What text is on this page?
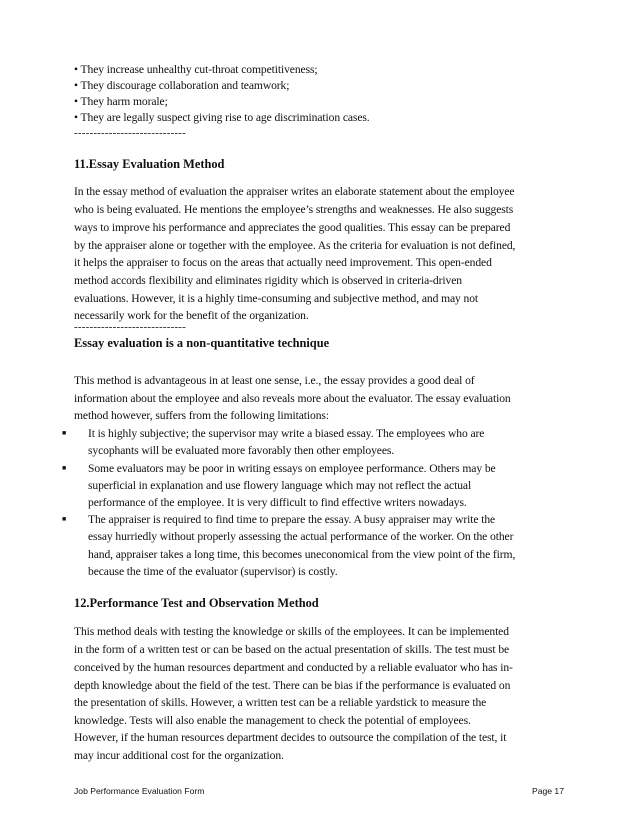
• They increase unhealthy cut-throat competitiveness;
• They discourage collaboration and teamwork;
• They harm morale;
• They are legally suspect giving rise to age discrimination cases.
-----------------------------
11.Essay Evaluation Method
In the essay method of evaluation the appraiser writes an elaborate statement about the employee
who is being evaluated. He mentions the employee’s strengths and weaknesses. He also suggests
ways to improve his performance and appreciates the good qualities. This essay can be prepared
by the appraiser alone or together with the employee. As the criteria for evaluation is not defined,
it helps the appraiser to focus on the areas that actually need improvement. This open-ended
method accords flexibility and eliminates rigidity which is observed in criteria-driven
evaluations. However, it is a highly time-consuming and subjective method, and may not
necessarily work for the benefit of the organization.
-----------------------------
Essay evaluation is a non-quantitative technique
This method is advantageous in at least one sense, i.e., the essay provides a good deal of
information about the employee and also reveals more about the evaluator. The essay evaluation
method however, suffers from the following limitations:
■ It is highly subjective; the supervisor may write a biased essay. The employees who are
sycophants will be evaluated more favorably then other employees.
■ Some evaluators may be poor in writing essays on employee performance. Others may be
superficial in explanation and use flowery language which may not reflect the actual
performance of the employee. It is very difficult to find effective writers nowadays.
■ The appraiser is required to find time to prepare the essay. A busy appraiser may write the
essay hurriedly without properly assessing the actual performance of the worker. On the other
hand, appraiser takes a long time, this becomes uneconomical from the view point of the firm,
because the time of the evaluator (supervisor) is costly.
12.Performance Test and Observation Method
This method deals with testing the knowledge or skills of the employees. It can be implemented
in the form of a written test or can be based on the actual presentation of skills. The test must be
conceived by the human resources department and conducted by a reliable evaluator who has in-
depth knowledge about the field of the test. There can be bias if the performance is evaluated on
the presentation of skills. However, a written test can be a reliable yardstick to measure the
knowledge. Tests will also enable the management to check the potential of employees.
However, if the human resources department decides to outsource the compilation of the test, it
may incur additional cost for the organization.
Job Performance Evaluation Form	Page 17
